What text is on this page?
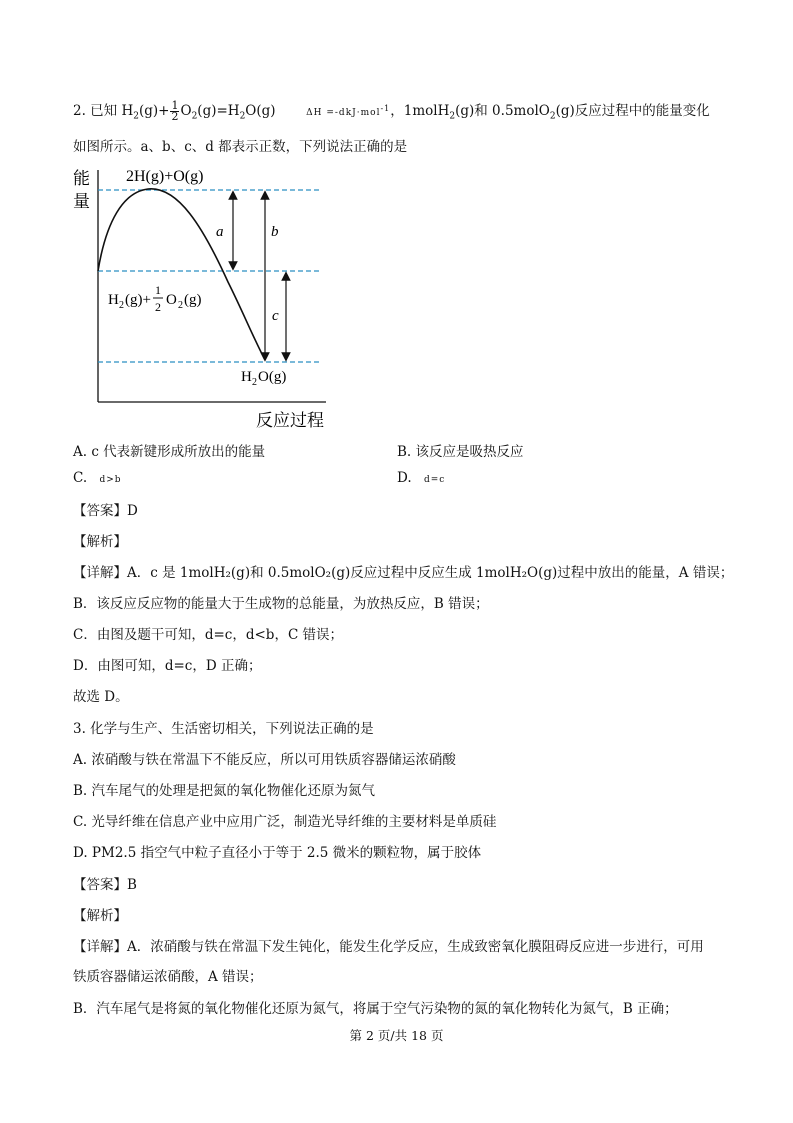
2. 已知 $H_2(g)+ \frac{1}{2} O_2(g)=H_2O(g)$	ΔH =-dkJ·mol$^{-1}$，1molH$_2$(g)和 0.5molO$_2$(g)反应过程中的能量变化
如图所示。a、b、c、d 都表示正数，下列说法正确的是
能
量
2H(g)+O(g)
a	b
c
H 2 (g)+
1
2 O 2 (g)
H 2 O(g)
反应过程
A. c 代表新键形成所放出的能量	B. 该反应是吸热反应
C. d>b	D. d=c
【答案】D
【解析】
【详解】A．c 是 1molH₂(g)和 0.5molO₂(g)反应过程中反应生成 1molH₂O(g)过程中放出的能量，A 错误；
B．该反应反应物的能量大于生成物的总能量，为放热反应，B 错误；
C．由图及题干可知，d=c，d<b，C 错误；
D．由图可知，d=c，D 正确；
故选 D。
3. 化学与生产、生活密切相关，下列说法正确的是
A. 浓硝酸与铁在常温下不能反应，所以可用铁质容器储运浓硝酸
B. 汽车尾气的处理是把氮的氧化物催化还原为氮气
C. 光导纤维在信息产业中应用广泛，制造光导纤维的主要材料是单质硅
D. PM2.5 指空气中粒子直径小于等于 2.5 微米的颗粒物，属于胶体
【答案】B
【解析】
【详解】A．浓硝酸与铁在常温下发生钝化，能发生化学反应，生成致密氧化膜阻碍反应进一步进行，可用
铁质容器储运浓硝酸，A 错误；
B．汽车尾气是将氮的氧化物催化还原为氮气，将属于空气污染物的氮的氧化物转化为氮气，B 正确；
第 2 页/共 18 页
